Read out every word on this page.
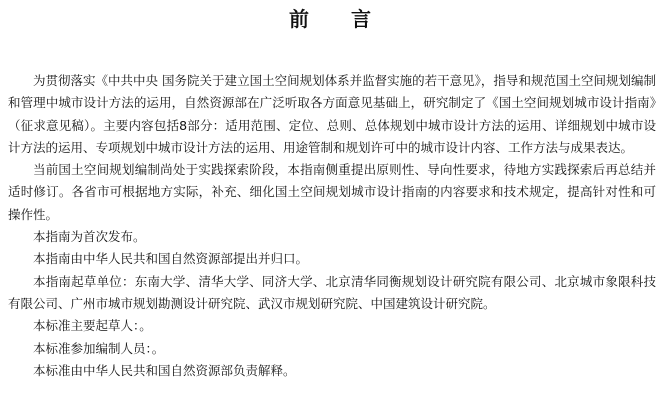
前 言

为贯彻落实《中共中央 国务院关于建立国土空间规划体系并监督实施的若干意见》，指导和规范国土空间规划编制和管理中城市设计方法的运用，自然资源部在广泛听取各方面意见基础上，研究制定了《国土空间规划城市设计指南》（征求意见稿）。主要内容包括8部分：适用范围、定位、总则、总体规划中城市设计方法的运用、详细规划中城市设计方法的运用、专项规划中城市设计方法的运用、用途管制和规划许可中的城市设计内容、工作方法与成果表达。

当前国土空间规划编制尚处于实践探索阶段，本指南侧重提出原则性、导向性要求，待地方实践探索后再总结并适时修订。各省市可根据地方实际，补充、细化国土空间规划城市设计指南的内容要求和技术规定，提高针对性和可操作性。

本指南为首次发布。

本指南由中华人民共和国自然资源部提出并归口。

本指南起草单位：东南大学、清华大学、同济大学、北京清华同衡规划设计研究院有限公司、北京城市象限科技有限公司、广州市城市规划勘测设计研究院、武汉市规划研究院、中国建筑设计研究院。

本标准主要起草人：。

本标准参加编制人员：。

本标准由中华人民共和国自然资源部负责解释。
